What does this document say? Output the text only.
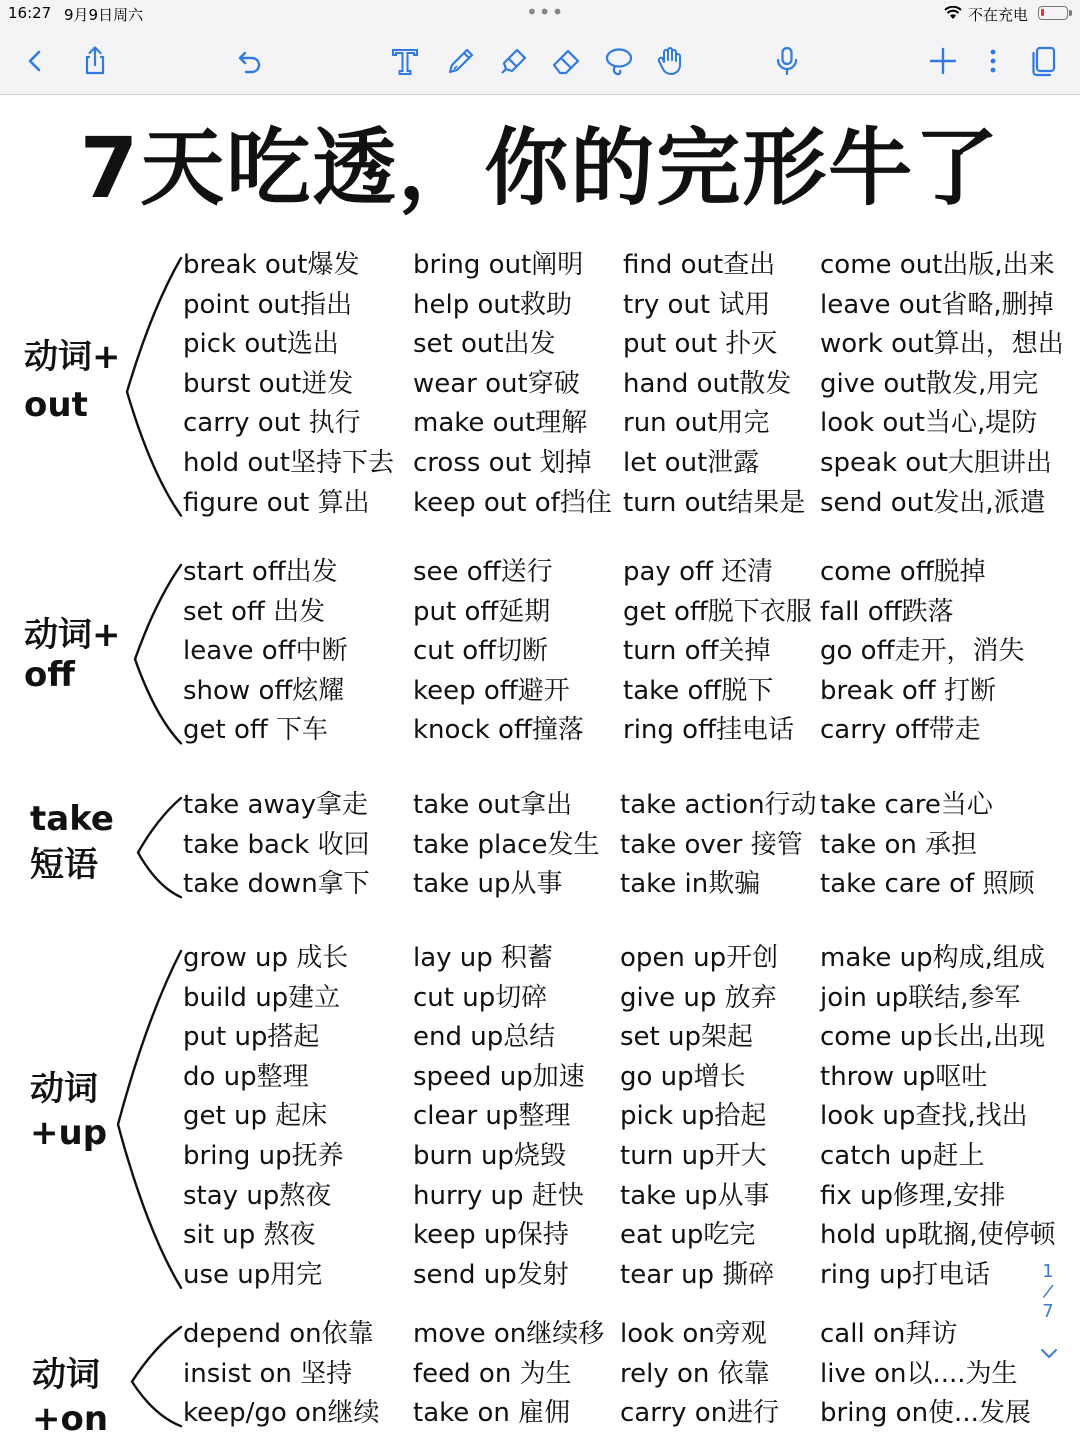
16:27 9月9日周六	•••	不在充电
7天吃透，你的完形牛了
动词+
out
break out爆发
point out指出
pick out选出
burst out迸发
carry out 执行
hold out坚持下去
figure out 算出
bring out阐明
help out救助
set out出发
wear out穿破
make out理解
cross out 划掉
keep out of挡住
find out查出
try out 试用
put out 扑灭
hand out散发
run out用完
let out泄露
turn out结果是
come out出版,出来
leave out省略,删掉
work out算出，想出
give out散发,用完
look out当心,堤防
speak out大胆讲出
send out发出,派遣
动词+
off
start off出发
set off 出发
leave off中断
show off炫耀
get off 下车
see off送行
put off延期
cut off切断
keep off避开
knock off撞落
pay off 还清
get off脱下衣服
turn off关掉
take off脱下
ring off挂电话
come off脱掉
fall off跌落
go off走开，消失
break off 打断
carry off带走
take
短语
take away拿走
take back 收回
take down拿下
take out拿出
take place发生
take up从事
take action行动
take over 接管
take in欺骗
take care当心
take on 承担
take care of 照顾
动词
+up
grow up 成长
build up建立
put up搭起
do up整理
get up 起床
bring up抚养
stay up熬夜
sit up 熬夜
use up用完
lay up 积蓄
cut up切碎
end up总结
speed up加速
clear up整理
burn up烧毁
hurry up 赶快
keep up保持
send up发射
open up开创
give up 放弃
set up架起
go up增长
pick up拾起
turn up开大
take up从事
eat up吃完
tear up 撕碎
make up构成,组成
join up联结,参军
come up长出,出现
throw up呕吐
look up查找,找出
catch up赶上
fix up修理,安排
hold up耽搁,使停顿
ring up打电话
动词
+on
depend on依靠
insist on 坚持
keep/go on继续
move on继续移
feed on 为生
take on 雇佣
look on旁观
rely on 依靠
carry on进行
call on拜访
live on以....为生
bring on使...发展
1
/
7
